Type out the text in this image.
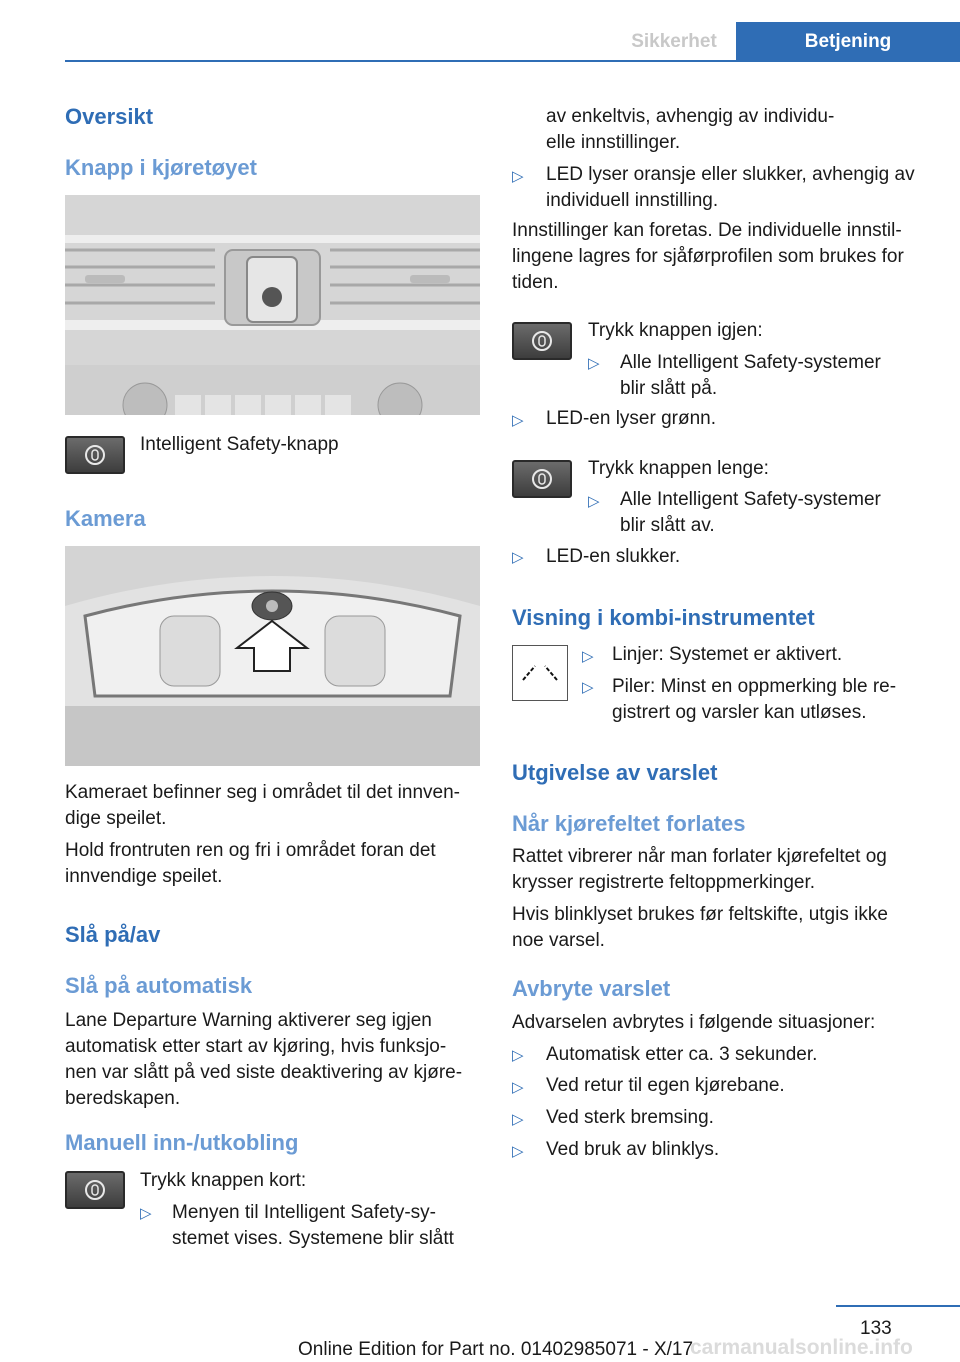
Sikkerhet	Betjening
Oversikt
Knapp i kjøretøyet
Intelligent Safety-knapp
Kamera
Kameraet befinner seg i området til det innven-
dige speilet.
Hold frontruten ren og fri i området foran det
innvendige speilet.
Slå på/av
Slå på automatisk
Lane Departure Warning aktiverer seg igjen
automatisk etter start av kjøring, hvis funksjo-
nen var slått på ved siste deaktivering av kjøre-
beredskapen.
Manuell inn-/utkobling
Trykk knappen kort:
▷ Menyen til Intelligent Safety-sy-
stemet vises. Systemene blir slått
av enkeltvis, avhengig av individu-
elle innstillinger.
▷ LED lyser oransje eller slukker, avhengig av
individuell innstilling.
Innstillinger kan foretas. De individuelle innstil-
lingene lagres for sjåførprofilen som brukes for
tiden.
Trykk knappen igjen:
▷ Alle Intelligent Safety-systemer
blir slått på.
▷ LED-en lyser grønn.
Trykk knappen lenge:
▷ Alle Intelligent Safety-systemer
blir slått av.
▷ LED-en slukker.
Visning i kombi-instrumentet
▷ Linjer: Systemet er aktivert.
▷ Piler: Minst en oppmerking ble re-
gistrert og varsler kan utløses.
Utgivelse av varslet
Når kjørefeltet forlates
Rattet vibrerer når man forlater kjørefeltet og
krysser registrerte feltoppmerkinger.
Hvis blinklyset brukes før feltskifte, utgis ikke
noe varsel.
Avbryte varslet
Advarselen avbrytes i følgende situasjoner:
▷ Automatisk etter ca. 3 sekunder.
▷ Ved retur til egen kjørebane.
▷ Ved sterk bremsing.
▷ Ved bruk av blinklys.
133
Online Edition for Part no. 01402985071 - X/17
carmanualsonline.info
